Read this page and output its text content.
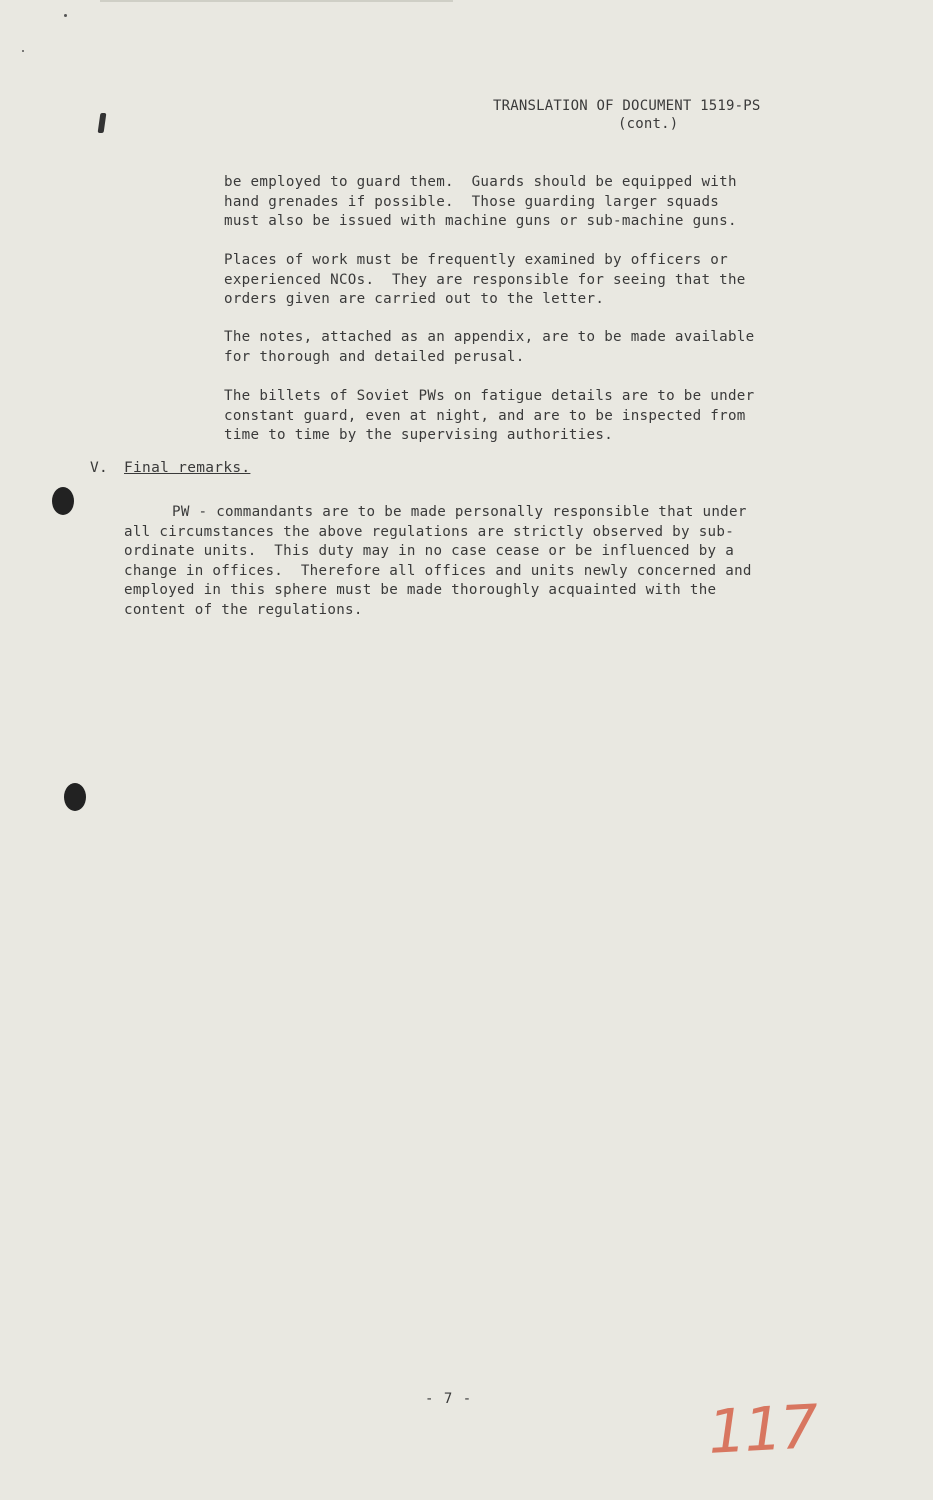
TRANSLATION OF DOCUMENT 1519-PS
(cont.)
be employed to guard them.  Guards should be equipped with
hand grenades if possible.  Those guarding larger squads
must also be issued with machine guns or sub-machine guns.
Places of work must be frequently examined by officers or
experienced NCOs.  They are responsible for seeing that the
orders given are carried out to the letter.
The notes, attached as an appendix, are to be made available
for thorough and detailed perusal.
The billets of Soviet PWs on fatigue details are to be under
constant guard, even at night, and are to be inspected from
time to time by the supervising authorities.
V. Final remarks.
PW - commandants are to be made personally responsible that under
all circumstances the above regulations are strictly observed by sub-
ordinate units.  This duty may in no case cease or be influenced by a
change in offices.  Therefore all offices and units newly concerned and
employed in this sphere must be made thoroughly acquainted with the
content of the regulations.
- 7 -	117
